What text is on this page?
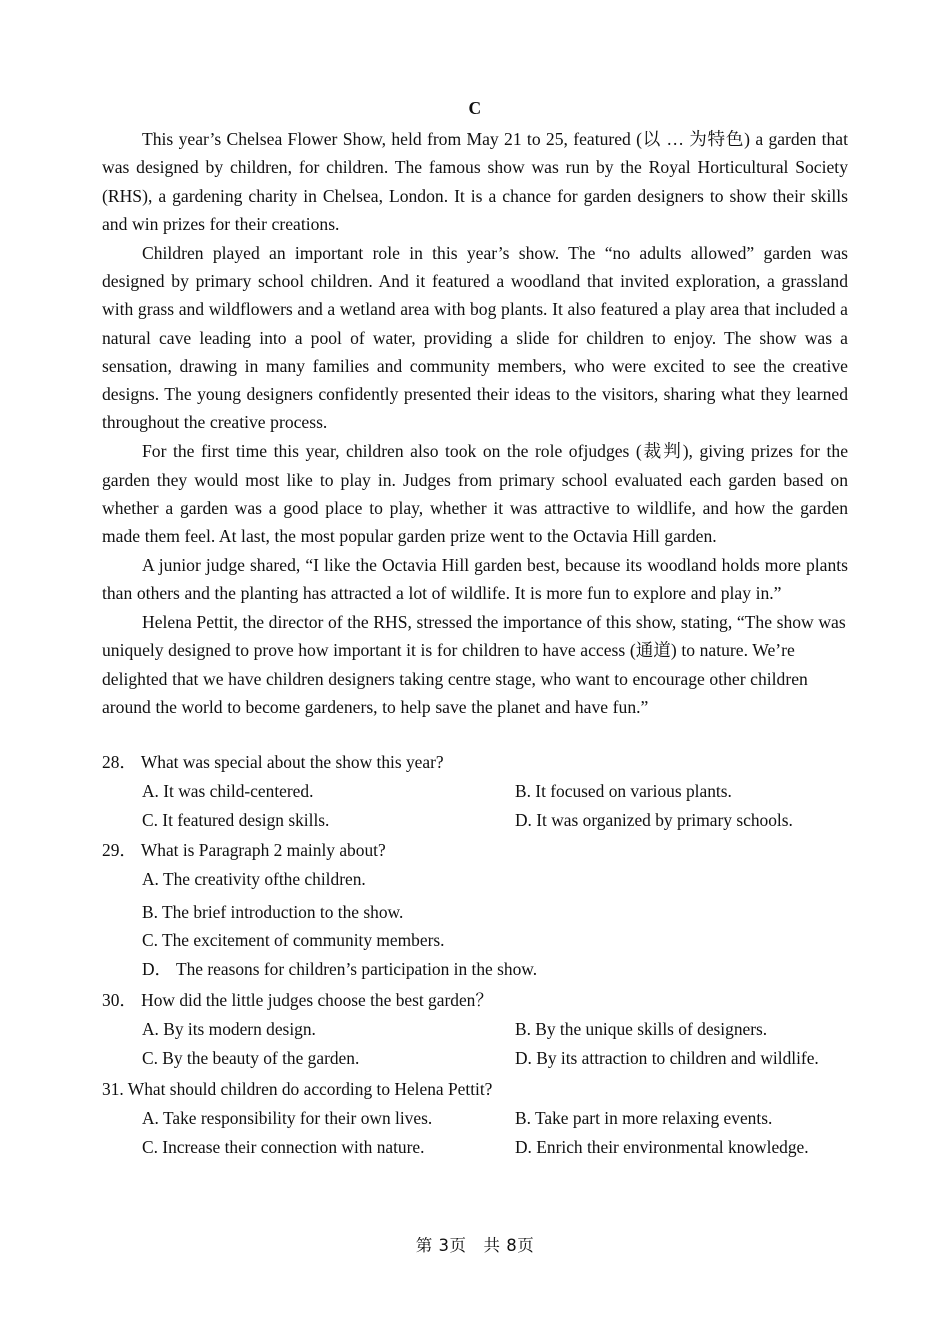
C

This year’s Chelsea Flower Show, held from May 21 to 25, featured (以 … 为特色) a garden that was designed by children, for children. The famous show was run by the Royal Horticultural Society (RHS), a gardening charity in Chelsea, London. It is a chance for garden designers to show their skills and win prizes for their creations.

Children played an important role in this year’s show. The “no adults allowed” garden was designed by primary school children. And it featured a woodland that invited exploration, a grassland with grass and wildflowers and a wetland area with bog plants. It also featured a play area that included a natural cave leading into a pool of water, providing a slide for children to enjoy. The show was a sensation, drawing in many families and community members, who were excited to see the creative designs. The young designers confidently presented their ideas to the visitors, sharing what they learned throughout the creative process.

For the first time this year, children also took on the role ofjudges (裁判), giving prizes for the garden they would most like to play in. Judges from primary school evaluated each garden based on whether a garden was a good place to play, whether it was attractive to wildlife, and how the garden made them feel. At last, the most popular garden prize went to the Octavia Hill garden.

A junior judge shared, “I like the Octavia Hill garden best, because its woodland holds more plants than others and the planting has attracted a lot of wildlife. It is more fun to explore and play in.”

Helena Pettit, the director of the RHS, stressed the importance of this show, stating, “The show was uniquely designed to prove how important it is for children to have access (通道) to nature. We’re delighted that we have children designers taking centre stage, who want to encourage other children around the world to become gardeners, to help save the planet and have fun.”

28． What was special about the show this year?

A. It was child-centered.	B. It focused on various plants.
C. It featured design skills.	D. It was organized by primary schools.

29． What is Paragraph 2 mainly about?

A. The creativity ofthe children.
B. The brief introduction to the show.
C. The excitement of community members.
D． The reasons for children’s participation in the show.

30． How did the little judges choose the best garden？

A. By its modern design.	B. By the unique skills of designers.
C. By the beauty of the garden.	D. By its attraction to children and wildlife.

31. What should children do according to Helena Pettit?

A. Take responsibility for their own lives.	B. Take part in more relaxing events.
C. Increase their connection with nature.	D. Enrich their environmental knowledge.
第 3页　共 8页
